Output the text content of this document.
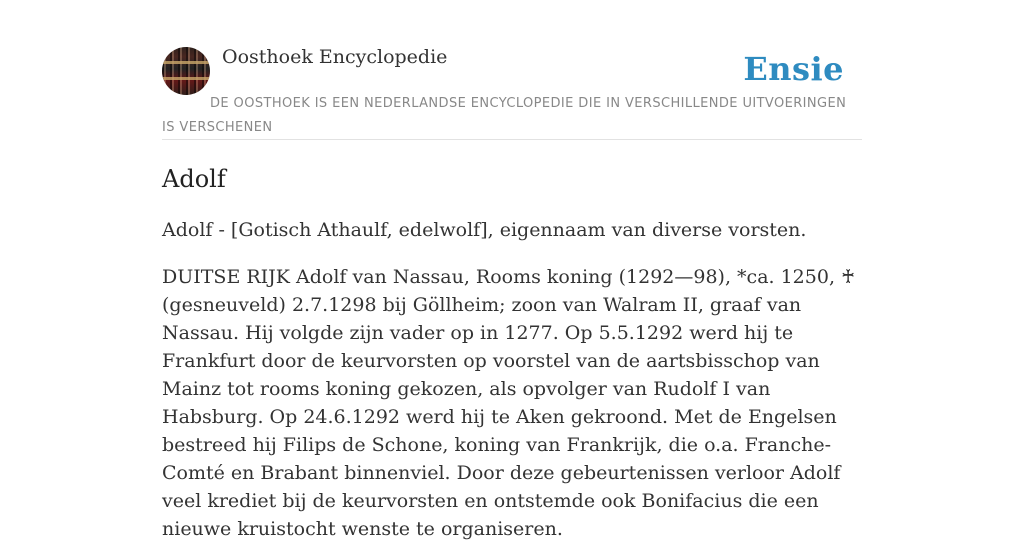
Oosthoek Encyclopedie	Ensie
DE OOSTHOEK IS EEN NEDERLANDSE ENCYCLOPEDIE DIE IN VERSCHILLENDE UITVOERINGEN IS VERSCHENEN
Adolf

Adolf - [Gotisch Athaulf, edelwolf], eigennaam van diverse vorsten.

DUITSE RIJK Adolf van Nassau, Rooms koning (1292—98), *ca. 1250, ♰ (gesneuveld) 2.7.1298 bij Göllheim; zoon van Walram II, graaf van Nassau. Hij volgde zijn vader op in 1277. Op 5.5.1292 werd hij te Frankfurt door de keurvorsten op voorstel van de aartsbisschop van Mainz tot rooms koning gekozen, als opvolger van Rudolf I van Habsburg. Op 24.6.1292 werd hij te Aken gekroond. Met de Engelsen bestreed hij Filips de Schone, koning van Frankrijk, die o.a. Franche-Comté en Brabant binnenviel. Door deze gebeurtenissen verloor Adolf veel krediet bij de keurvorsten en ontstemde ook Bonifacius die een nieuwe kruistocht wenste te organiseren.
